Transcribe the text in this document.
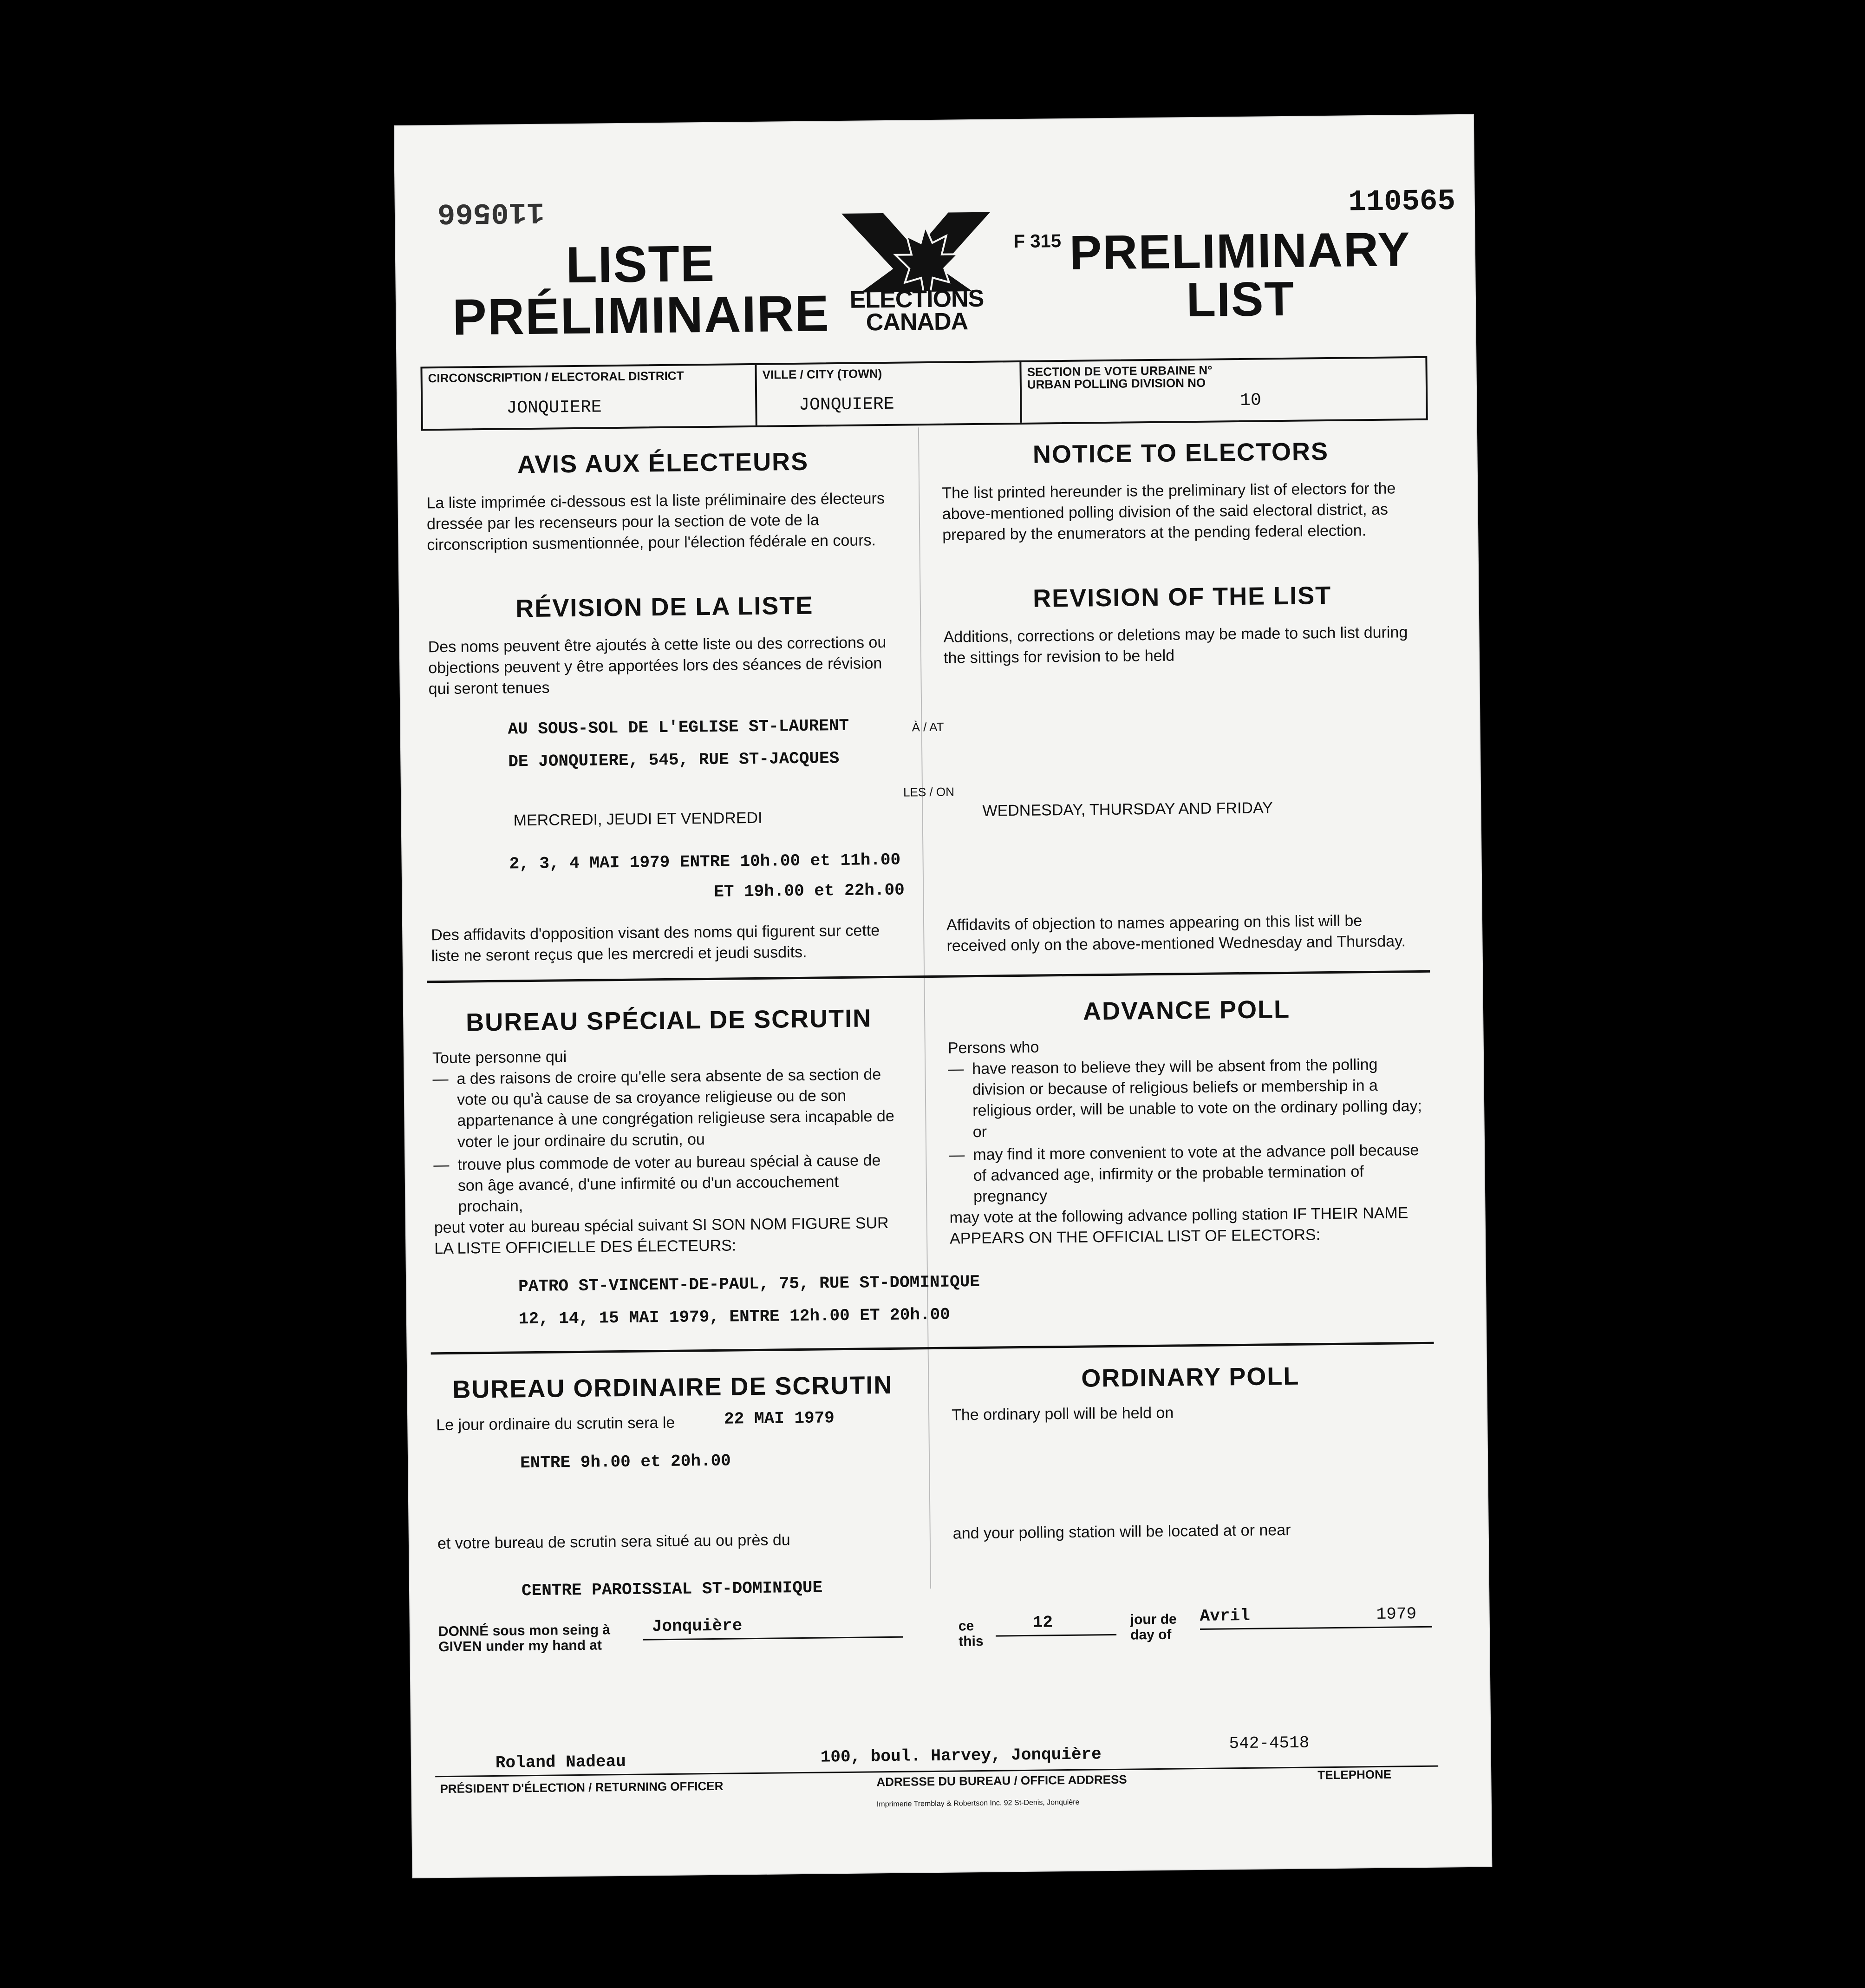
110566	110565
LISTE
PRÉLIMINAIRE ELECTIONS
CANADA
F 315 PRELIMINARY
LIST
CIRCONSCRIPTION / ELECTORAL DISTRICT
JONQUIERE
VILLE / CITY (TOWN)
JONQUIERE
SECTION DE VOTE URBAINE N°
URBAN POLLING DIVISION NO
10
AVIS AUX ÉLECTEURS
La liste imprimée ci-dessous est la liste préliminaire des électeurs dressée par les recenseurs pour la section de vote de la circonscription susmentionnée, pour l'élection fédérale en cours.
NOTICE TO ELECTORS
The list printed hereunder is the preliminary list of electors for the above-mentioned polling division of the said electoral district, as prepared by the enumerators at the pending federal election.
RÉVISION DE LA LISTE
Des noms peuvent être ajoutés à cette liste ou des corrections ou objections peuvent y être apportées lors des séances de révision qui seront tenues
REVISION OF THE LIST
Additions, corrections or deletions may be made to such list during the sittings for revision to be held
AU SOUS-SOL DE L'EGLISE ST-LAURENT
DE JONQUIERE, 545, RUE ST-JACQUES
À / AT
LES / ON
MERCREDI, JEUDI ET VENDREDI	WEDNESDAY, THURSDAY AND FRIDAY
2, 3, 4 MAI 1979 ENTRE 10h.00 et 11h.00
ET 19h.00 et 22h.00
Des affidavits d'opposition visant des noms qui figurent sur cette liste ne seront reçus que les mercredi et jeudi susdits.
Affidavits of objection to names appearing on this list will be received only on the above-mentioned Wednesday and Thursday.
BUREAU SPÉCIAL DE SCRUTIN
Toute personne qui
— a des raisons de croire qu'elle sera absente de sa section de vote ou qu'à cause de sa croyance religieuse ou de son appartenance à une congrégation religieuse sera incapable de voter le jour ordinaire du scrutin, ou
— trouve plus commode de voter au bureau spécial à cause de son âge avancé, d'une infirmité ou d'un accouchement prochain,
peut voter au bureau spécial suivant SI SON NOM FIGURE SUR LA LISTE OFFICIELLE DES ÉLECTEURS:
ADVANCE POLL
Persons who
— have reason to believe they will be absent from the polling division or because of religious beliefs or membership in a religious order, will be unable to vote on the ordinary polling day; or
— may find it more convenient to vote at the advance poll because of advanced age, infirmity or the probable termination of pregnancy
may vote at the following advance polling station IF THEIR NAME APPEARS ON THE OFFICIAL LIST OF ELECTORS:
PATRO ST-VINCENT-DE-PAUL, 75, RUE ST-DOMINIQUE
12, 14, 15 MAI 1979, ENTRE 12h.00 ET 20h.00
BUREAU ORDINAIRE DE SCRUTIN
Le jour ordinaire du scrutin sera le	22 MAI 1979
ENTRE 9h.00 et 20h.00
et votre bureau de scrutin sera situé au ou près du
CENTRE PAROISSIAL ST-DOMINIQUE
ORDINARY POLL
The ordinary poll will be held on
and your polling station will be located at or near
DONNÉ sous mon seing à
GIVEN under my hand at
Jonquière	ce
this
12	jour de
day of
Avril	1979
Roland Nadeau	100, boul. Harvey, Jonquière
542-4518
PRÉSIDENT D'ÉLECTION / RETURNING OFFICER	ADRESSE DU BUREAU / OFFICE ADDRESS	TELEPHONE
Imprimerie Tremblay & Robertson Inc. 92 St-Denis, Jonquière
